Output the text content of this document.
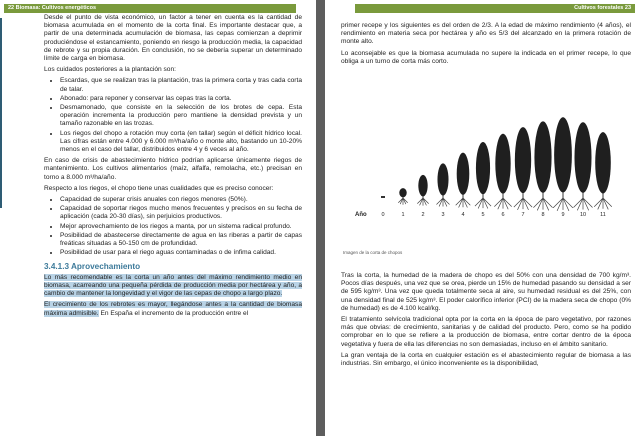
22 Biomasa: Cultivos energéticos

Desde el punto de vista económico, un factor a tener en cuenta es la cantidad de biomasa acumulada en el momento de la corta final. Es importante destacar que, a partir de una determinada acumulación de biomasa, las cepas comienzan a deprimir produciéndose el estancamiento, poniendo en riesgo la producción media, la capacidad de rebrote y su propia duración. En conclusión, no se debería superar un determinado límite de carga en biomasa.

Los cuidados posteriores a la plantación son:

• Escardas, que se realizan tras la plantación, tras la primera corta y tras cada corta de talar.
• Abonado: para reponer y conservar las cepas tras la corta.
• Desmamonado, que consiste en la selección de los brotes de cepa. Esta operación incrementa la producción pero mantiene la densidad prevista y un tamaño razonable en las trozas.
• Los riegos del chopo a rotación muy corta (en tallar) según el déficit hídrico local. Las cifras están entre 4.000 y 6.000 m³/ha/año o monte alto, bastando un 10-20% menos en el caso del tallar, distribuidos entre 4 y 6 veces al año.

En caso de crisis de abastecimiento hídrico podrían aplicarse únicamente riegos de mantenimiento. Los cultivos alimentarios (maíz, alfalfa, remolacha, etc.) precisan en torno a 8.000 m³/ha/año.

Respecto a los riegos, el chopo tiene unas cualidades que es preciso conocer:

• Capacidad de superar crisis anuales con riegos menores (50%).
• Capacidad de soportar riegos mucho menos frecuentes y precisos en su fecha de aplicación (cada 20-30 días), sin perjuicios productivos.
• Mejor aprovechamiento de los riegos a manta, por un sistema radical profundo.
• Posibilidad de abastecerse directamente de agua en las riberas a partir de capas freáticas situadas a 50-150 cm de profundidad.
• Posibilidad de usar para el riego aguas contaminadas o de ínfima calidad.
3.4.1.3 Aprovechamiento

Lo más recomendable es la corta un año antes del máximo rendimiento medio en biomasa, acarreando una pequeña pérdida de producción media por hectárea y año, a cambio de mantener la longevidad y el vigor de las cepas de chopo a largo plazo.

El crecimiento de los rebrotes es mayor, llegándose antes a la cantidad de biomasa máxima admisible. En España el incremento de la producción entre el

Cultivos forestales 23

primer recepe y los siguientes es del orden de 2/3. A la edad de máximo rendimiento (4 años), el rendimiento en materia seca por hectárea y año es 5/3 del alcanzado en la primera rotación de monte alto.

Lo aconsejable es que la biomasa acumulada no supere la indicada en el primer recepe, lo que obliga a un turno de corta más corto.

Año	0	1	2	3	4	5	6	7	8	9	10	11
Imagen de la corta de chopos

Tras la corta, la humedad de la madera de chopo es del 50% con una densidad de 700 kg/m³. Pocos días después, una vez que se orea, pierde un 15% de humedad pasando su densidad a ser de 595 kg/m³. Una vez que queda totalmente seca al aire, su humedad residual es del 25%, con una densidad final de 525 kg/m³. El poder calorífico inferior (PCI) de la madera seca de chopo (0% de humedad) es de 4.100 kcal/kg.

El tratamiento selvícola tradicional opta por la corta en la época de paro vegetativo, por razones más que obvias: de crecimiento, sanitarias y de calidad del producto. Pero, como se ha podido comprobar en lo que se refiere a la producción de biomasa, entre cortar dentro de la época vegetativa y fuera de ella las diferencias no son demasiadas, incluso en el ámbito sanitario.

La gran ventaja de la corta en cualquier estación es el abastecimiento regular de biomasa a las industrias. Sin embargo, el único inconveniente es la disponibilidad,
